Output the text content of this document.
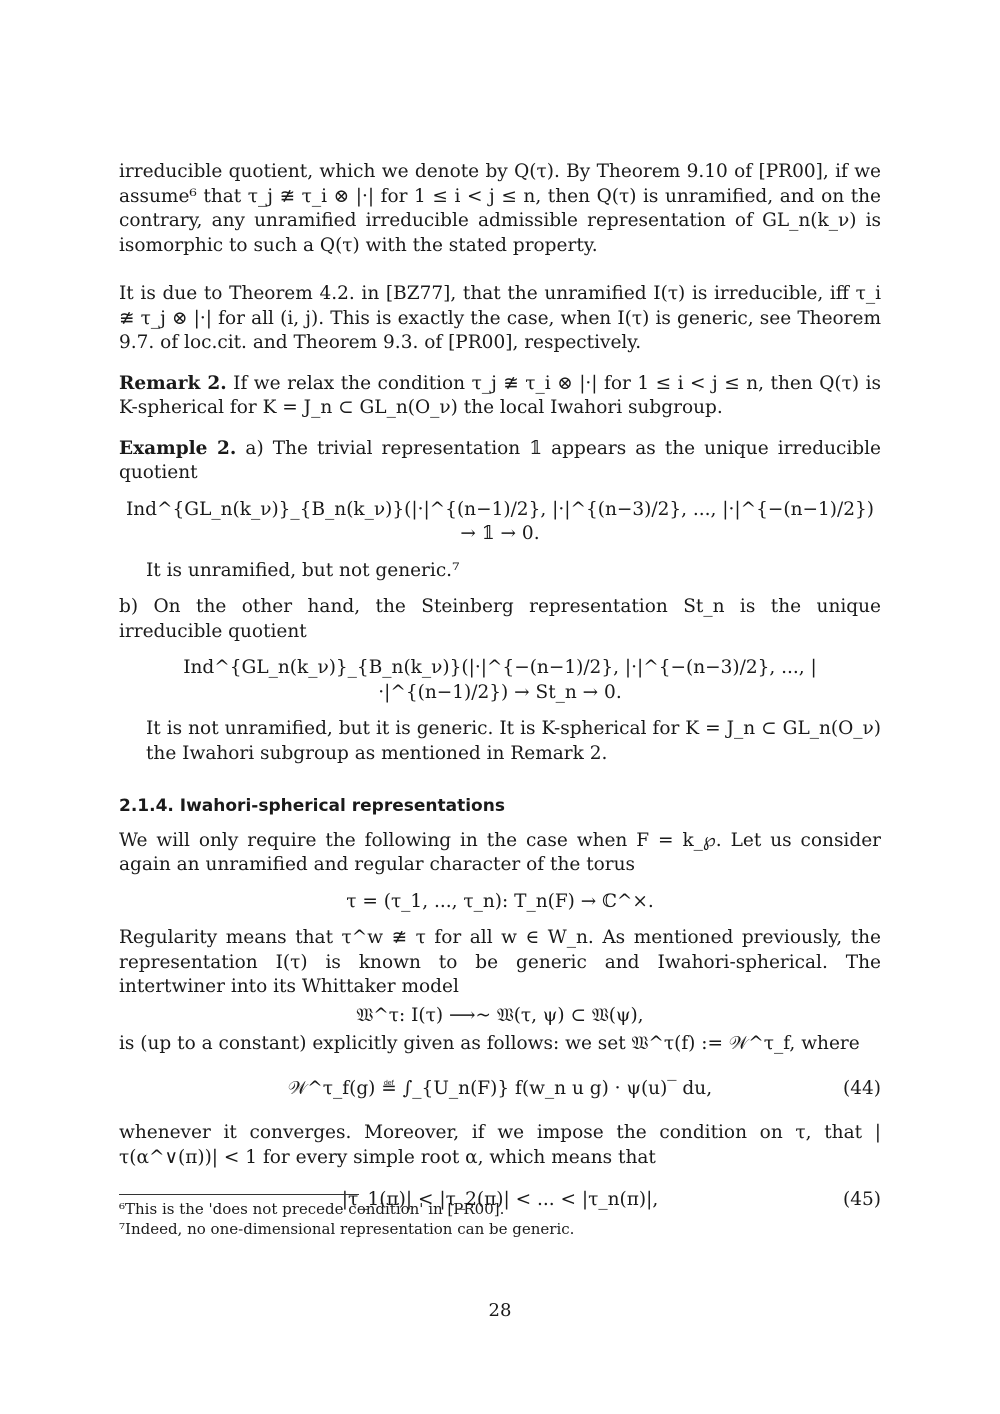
irreducible quotient, which we denote by Q(τ). By Theorem 9.10 of [PR00], if we assume⁶ that τ_j ≇ τ_i ⊗ |·| for 1 ≤ i < j ≤ n, then Q(τ) is unramified, and on the contrary, any unramified irreducible admissible representation of GL_n(k_ν) is isomorphic to such a Q(τ) with the stated property.

It is due to Theorem 4.2. in [BZ77], that the unramified I(τ) is irreducible, iff τ_i ≇ τ_j ⊗ |·| for all (i, j). This is exactly the case, when I(τ) is generic, see Theorem 9.7. of loc.cit. and Theorem 9.3. of [PR00], respectively.

Remark 2. If we relax the condition τ_j ≇ τ_i ⊗ |·| for 1 ≤ i < j ≤ n, then Q(τ) is K-spherical for K = J_n ⊂ GL_n(O_ν) the local Iwahori subgroup.

Example 2. a) The trivial representation 𝟙 appears as the unique irreducible quotient

Ind^{GL_n(k_ν)}_{B_n(k_ν)}(|·|^{(n−1)/2}, |·|^{(n−3)/2}, ..., |·|^{−(n−1)/2}) → 𝟙 → 0.

It is unramified, but not generic.⁷

b) On the other hand, the Steinberg representation St_n is the unique irreducible quotient

Ind^{GL_n(k_ν)}_{B_n(k_ν)}(|·|^{−(n−1)/2}, |·|^{−(n−3)/2}, ..., |·|^{(n−1)/2}) → St_n → 0.

It is not unramified, but it is generic. It is K-spherical for K = J_n ⊂ GL_n(O_ν) the Iwahori subgroup as mentioned in Remark 2.

2.1.4. Iwahori-spherical representations

We will only require the following in the case when F = k_℘. Let us consider again an unramified and regular character of the torus

τ = (τ_1, ..., τ_n): T_n(F) → ℂ^×.

Regularity means that τ^w ≇ τ for all w ∈ W_n. As mentioned previously, the representation I(τ) is known to be generic and Iwahori-spherical. The intertwiner into its Whittaker model

𝔚^τ: I(τ) ⟶~ 𝔚(τ, ψ) ⊂ 𝔚(ψ),

is (up to a constant) explicitly given as follows: we set 𝔚^τ(f) := 𝒲^τ_f, where

𝒲^τ_f(g) ≝ ∫_{U_n(F)} f(w_n u g) · ψ(u)‾ du,	(44)

whenever it converges. Moreover, if we impose the condition on τ, that |τ(α^∨(π))| < 1 for every simple root α, which means that

|τ_1(π)| < |τ_2(π)| < ... < |τ_n(π)|,	(45)
⁶This is the 'does not precede condition' in [PR00].
⁷Indeed, no one-dimensional representation can be generic.
28
